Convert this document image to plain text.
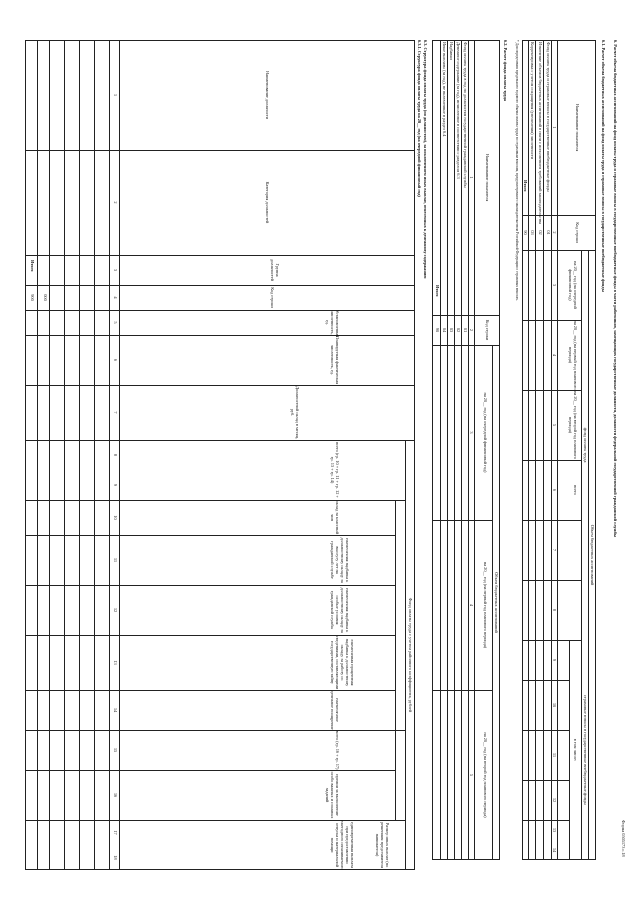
Форма 0505173 с.18
6. Расчет объема бюджетных ассигнований на фонд оплаты труда и страховые взносы в государственные внебюджетные фонды в части работников, замещающих государственные должности, должности федеральной государственной гражданской службы
6.1. Расчет объема бюджетных ассигнований на фонд оплаты труда и страховые взносы в государственные внебюджетные фонды
Наименование показателя
Код строки
Объем бюджетных ассигнований
фонд оплаты труда
страховые взносы в государственные внебюджетные фонды
в том числе:
на 20__ год (на очередной финансовый год)
на 20__ год (на первый год планового периода)
на 20__ год (на второй год планового периода)
всего
1
2
3
4
5
6
7
8
9
10
11
12
13
14
Фонд оплаты труда и страховые взносы в государственные внебюджетные фонды
01
Изменение объемов бюджетных ассигнований в связи с исполнением требований законодательства
02
Корректировка с учетом сокращения (увеличения) численности
03
Итого
90
* Для определения предельного годового объема оплаты труда по страховым взносам, предусмотренного законодательством Российской Федерации о страховых взносах.
6.2. Расчет фонда оплаты труда
Наименование показателя
Код строки
Объем бюджетных ассигнований
на 20__ год (на очередной финансовый год)
на 20__ год (на первый год планового периода)
на 20__ год (на второй год планового периода)
1
2
3
4
5
Фонд оплаты труда в год по должностям государственной гражданской службы
01
Денежное содержание (за год), исчисленное в соответствии с разделом 6.3
02
Надбавки
03
Иные выплаты (за год), не включенные в раздел 6.4
04
Итого
90
6.3. Структура фонда оплаты труда (по должностям), за исключением иных выплат, отнесенных к денежному содержанию
6.3.1. Структура фонда оплаты труда на 20__ год (на очередной финансовый год)
Наименование должности
Категория должностей
Группа должностей
Код строки
Установленная численность, ед.
Планируемая фактическая численность, ед.
Должностной оклад в месяц, руб.
Фонд оплаты труда с учетом районного коэффициента, рублей
всего (гр. 10 + гр. 11 + гр. 12 + гр. 13 + гр. 14)
оклад за классный чин
ежемесячная надбавка к должностному окладу за выслугу лет на гражданской службе
ежемесячная надбавка к должностному окладу за особые условия гражданской службы
ежемесячная процентная надбавка к должностному окладу за работу со сведениями, составляющими государственную тайну
ежемесячное денежное поощрение
всего (гр. 16 + гр. 17)
премии за выполнение особо важных и сложных заданий
единовременная выплата при предоставлении ежегодного оплачиваемого отпуска и материальной помощи	Размер иных выплат (по решениям представителя нанимателя)
1
2
3
4
5
6
7
8
9
10
11
12
13
14
15
16
17
18
000
Итого
900
